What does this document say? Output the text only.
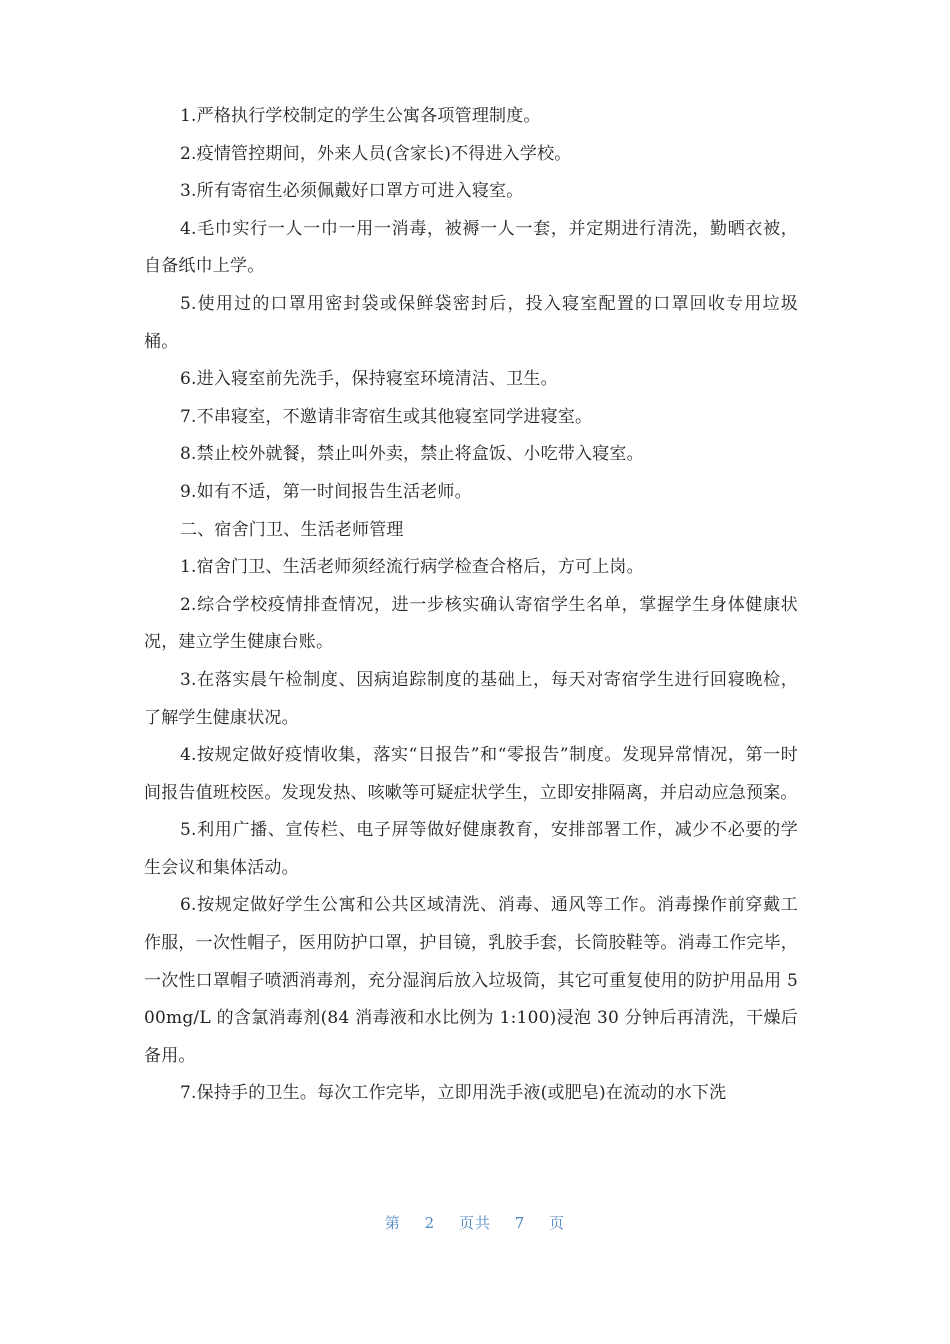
1.严格执行学校制定的学生公寓各项管理制度。

2.疫情管控期间，外来人员(含家长)不得进入学校。

3.所有寄宿生必须佩戴好口罩方可进入寝室。

4.毛巾实行一人一巾一用一消毒，被褥一人一套，并定期进行清洗，勤晒衣被，自备纸巾上学。

5.使用过的口罩用密封袋或保鲜袋密封后，投入寝室配置的口罩回收专用垃圾桶。

6.进入寝室前先洗手，保持寝室环境清洁、卫生。

7.不串寝室，不邀请非寄宿生或其他寝室同学进寝室。

8.禁止校外就餐，禁止叫外卖，禁止将盒饭、小吃带入寝室。

9.如有不适，第一时间报告生活老师。

二、宿舍门卫、生活老师管理

1.宿舍门卫、生活老师须经流行病学检查合格后，方可上岗。

2.综合学校疫情排查情况，进一步核实确认寄宿学生名单，掌握学生身体健康状况，建立学生健康台账。

3.在落实晨午检制度、因病追踪制度的基础上，每天对寄宿学生进行回寝晚检，了解学生健康状况。

4.按规定做好疫情收集，落实“日报告”和“零报告”制度。发现异常情况，第一时间报告值班校医。发现发热、咳嗽等可疑症状学生，立即安排隔离，并启动应急预案。

5.利用广播、宣传栏、电子屏等做好健康教育，安排部署工作，减少不必要的学生会议和集体活动。

6.按规定做好学生公寓和公共区域清洗、消毒、通风等工作。消毒操作前穿戴工作服，一次性帽子，医用防护口罩，护目镜，乳胶手套，长筒胶鞋等。消毒工作完毕，一次性口罩帽子喷洒消毒剂，充分湿润后放入垃圾筒，其它可重复使用的防护用品用 500mg/L 的含氯消毒剂(84 消毒液和水比例为 1:100)浸泡 30 分钟后再清洗，干燥后备用。

7.保持手的卫生。每次工作完毕，立即用洗手液(或肥皂)在流动的水下洗

第 2 页共 7 页
